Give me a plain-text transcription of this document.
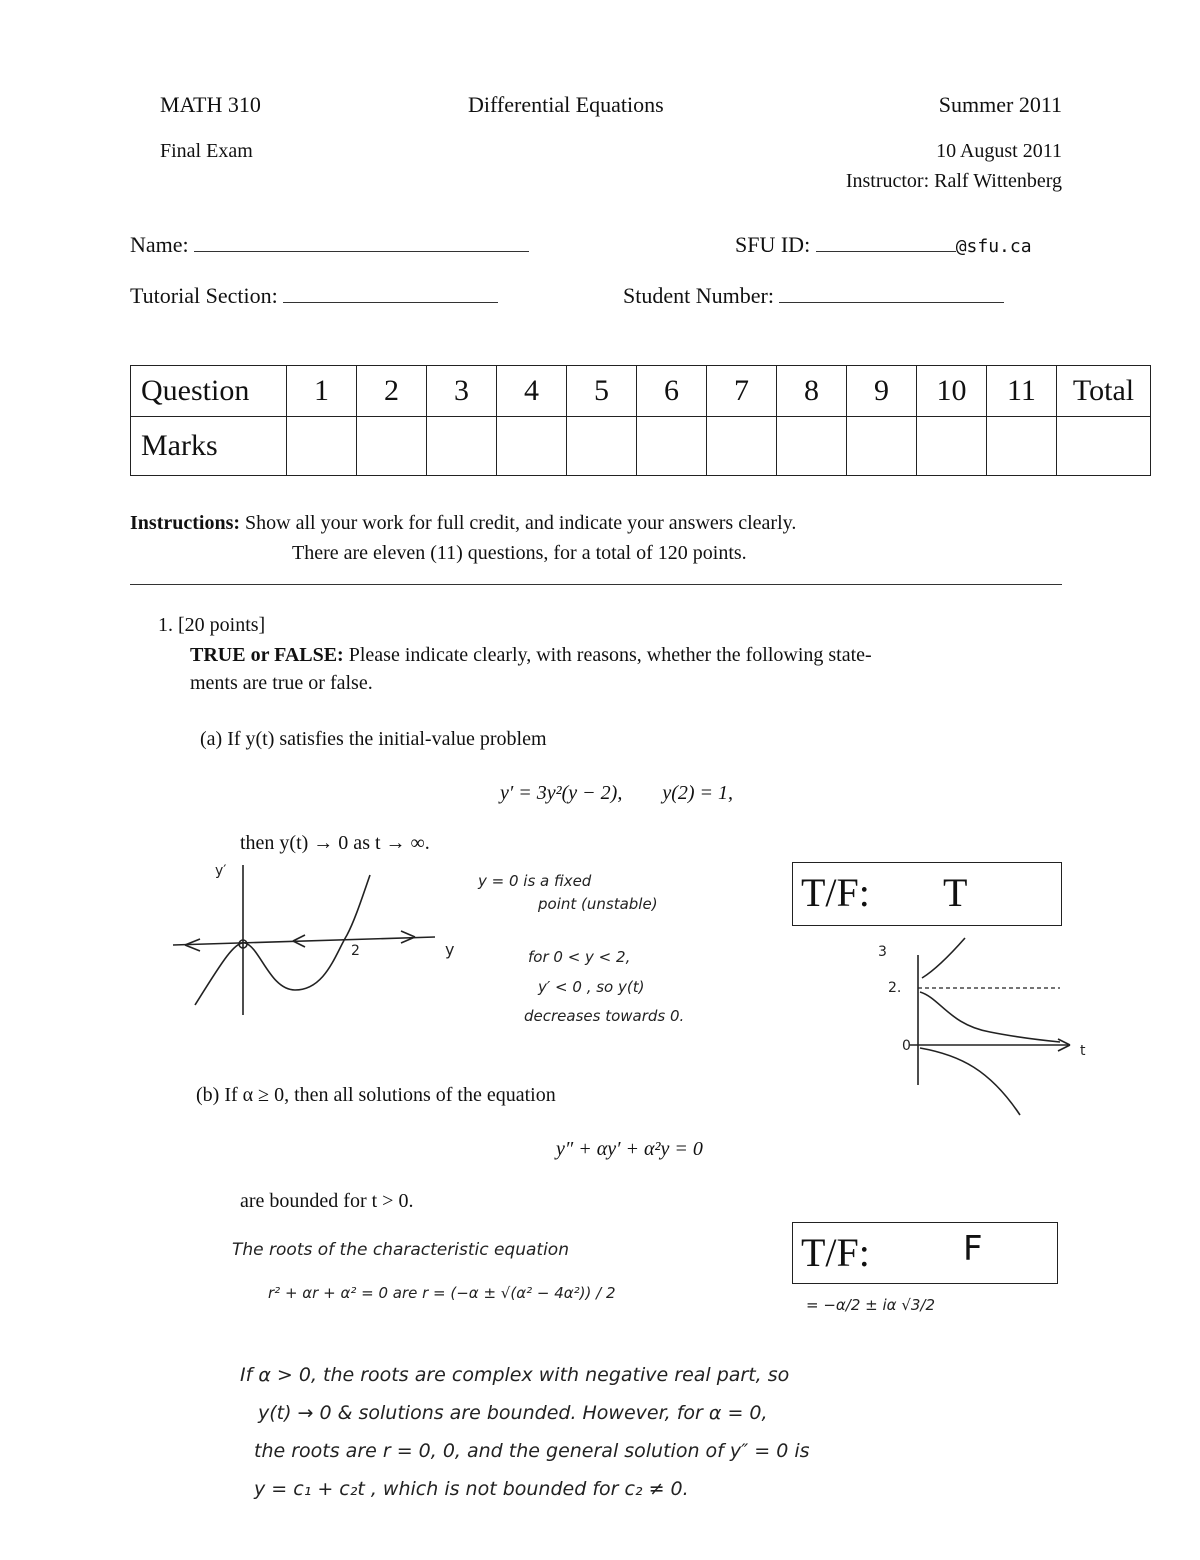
MATH 310	Differential Equations	Summer 2011
Final Exam	10 August 2011
Instructor: Ralf Wittenberg
Name:	SFU ID:	@sfu.ca
Tutorial Section:	Student Number:
Question	1	2	3	4	5	6	7	8	9	10	11	Total
Marks												
Instructions: Show all your work for full credit, and indicate your answers clearly.
There are eleven (11) questions, for a total of 120 points.
1. [20 points]
TRUE or FALSE: Please indicate clearly, with reasons, whether the following state-
ments are true or false.
(a) If y(t) satisfies the initial-value problem
y′ = 3y²(y − 2),        y(2) = 1,
then y(t) → 0 as t → ∞.
y′
2	y
y = 0 is a fixed
point (unstable)
for 0 < y < 2,
y′ < 0 , so y(t)
decreases towards 0.
T/F: T
3
2.
0	t
(b) If α ≥ 0, then all solutions of the equation
y″ + αy′ + α²y = 0
are bounded for t > 0.
T/F:	F
The roots of the characteristic equation
r² + αr + α² = 0 are r = (−α ± √(α² − 4α²)) / 2
= −α/2 ± iα √3/2
If α > 0, the roots are complex with negative real part, so
y(t) → 0 & solutions are bounded. However, for α = 0,
the roots are r = 0, 0, and the general solution of y″ = 0 is
y = c₁ + c₂t , which is not bounded for c₂ ≠ 0.
